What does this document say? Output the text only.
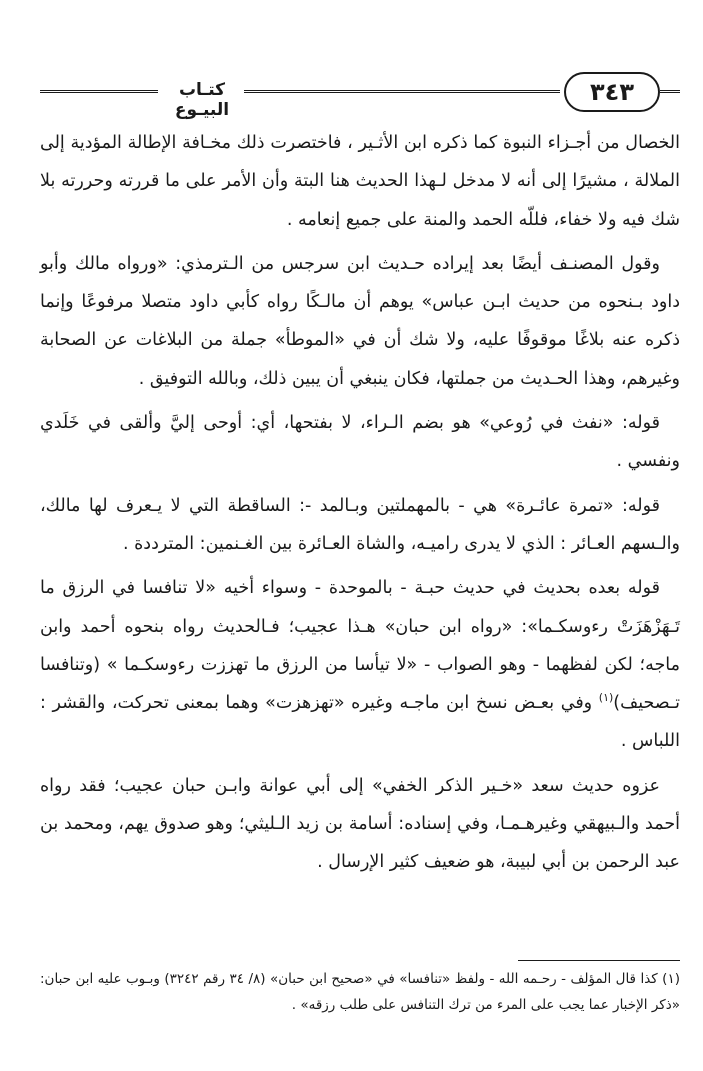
كتـاب البيـوع
٣٤٣

الخصال من أجـزاء النبوة كما ذكره ابن الأثـير ، فاختصرت ذلك مخـافة الإطالة المؤدية إلى الملالة ، مشيرًا إلى أنه لا مدخل لـهذا الحديث هنا البتة وأن الأمر على ما قررته وحررته بلا شك فيه ولا خفاء، فللّه الحمد والمنة على جميع إنعامه .

وقول المصنـف أيضًا بعد إيراده حـديث ابن سرجس من الـترمذي: «ورواه مالك وأبو داود بـنحوه من حديث ابـن عباس» يوهم أن مالـكًا رواه كأبي داود متصلا مرفوعًا وإنما ذكره عنه بلاغًا موقوفًا عليه، ولا شك أن في «الموطأ» جملة من البلاغات عن الصحابة وغيرهم، وهذا الحـديث من جملتها، فكان ينبغي أن يبين ذلك، وبالله التوفيق .

قوله: «نفث في رُوعي» هو بضم الـراء، لا بفتحها، أي: أوحى إليَّ وألقى في خَلَدي ونفسي .

قوله: «تمرة عائـرة» هي - بالمهملتين وبـالمد -: الساقطة التي لا يـعرف لها مالك، والـسهم العـائر : الذي لا يدرى راميـه، والشاة العـائرة بين الغـنمين: المترددة .

قوله بعده بحديث في حديث حبـة - بالموحدة - وسواء أخيه «لا تنافسا في الرزق ما تَـهَزْهَزَتْ رءوسكـما»: «رواه ابن حبان» هـذا عجيب؛ فـالحديث رواه بنحوه أحمد وابن ماجه؛ لكن لفظهما - وهو الصواب - «لا تيأسا من الرزق ما تهززت رءوسكـما » (وتنافسا تـصحيف)$^{(١)}$ وفي بعـض نسخ ابن ماجـه وغيره «تهزهزت» وهما بمعنى تحركت، والقشر : اللباس .

عزوه حديث سعد «خـير الذكر الخفي» إلى أبي عوانة وابـن حبان عجيب؛ فقد رواه أحمد والـبيهقي وغيرهـمـا، وفي إسناده: أسامة بن زيد الـليثي؛ وهو صدوق يهم، ومحمد بن عبد الرحمن بن أبي لبيبة، هو ضعيف كثير الإرسال .

(١) كذا قال المؤلف - رحـمه الله - ولفظ «تنافسا» في «صحيح ابن حبان» (٨/ ٣٤ رقم ٣٢٤٢) وبـوب عليه ابن حبان: «ذكر الإخبار عما يجب على المرء من ترك التنافس على طلب رزقه» .
